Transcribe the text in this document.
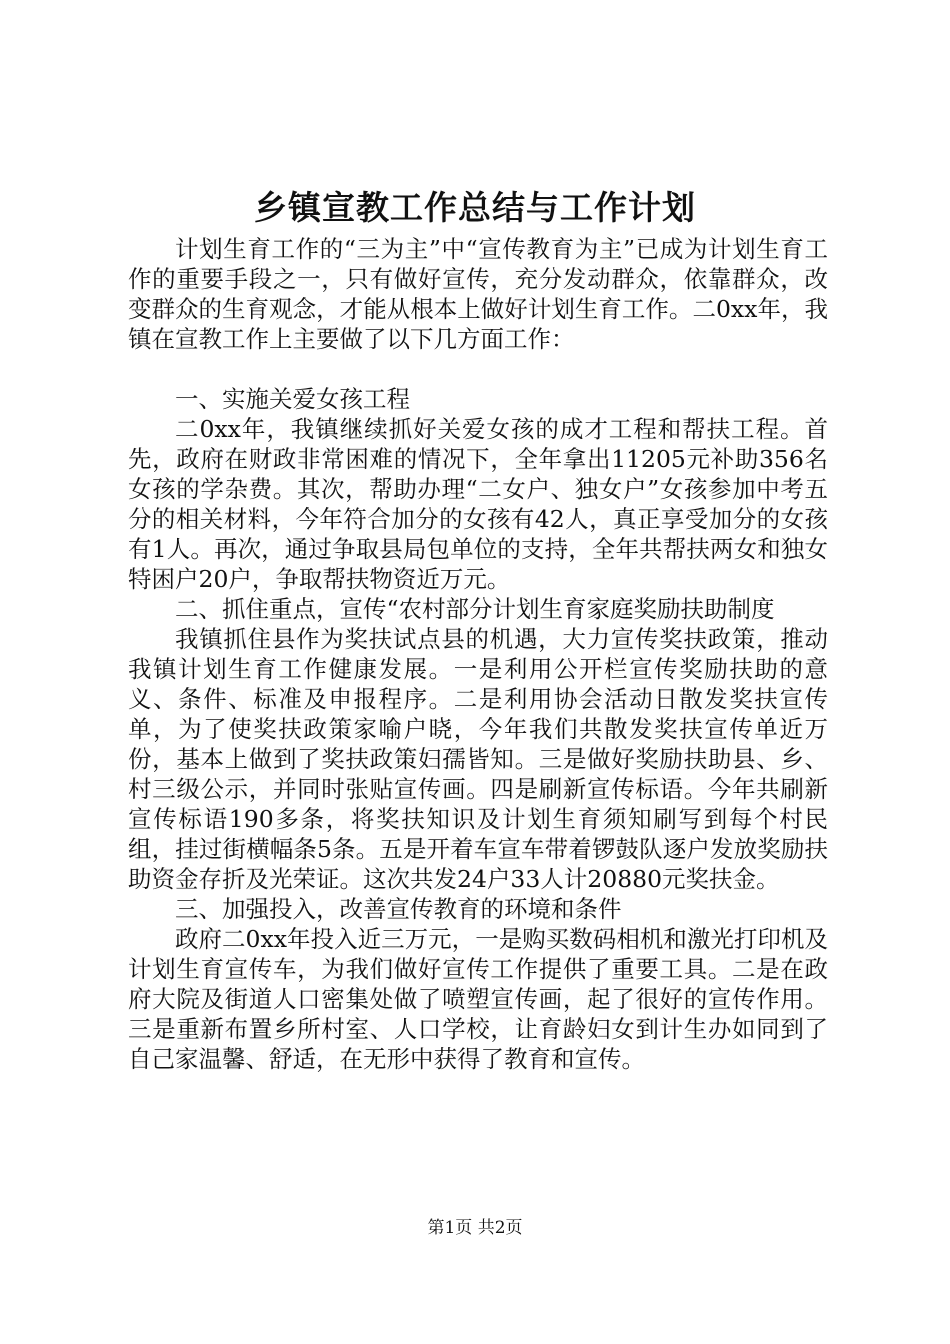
乡镇宣教工作总结与工作计划

计划生育工作的“三为主”中“宣传教育为主”已成为计划生育工作的重要手段之一，只有做好宣传，充分发动群众，依靠群众，改变群众的生育观念，才能从根本上做好计划生育工作。二0xx年，我镇在宣教工作上主要做了以下几方面工作：

一、实施关爱女孩工程

二0xx年，我镇继续抓好关爱女孩的成才工程和帮扶工程。首先，政府在财政非常困难的情况下，全年拿出11205元补助356名女孩的学杂费。其次，帮助办理“二女户、独女户”女孩参加中考五分的相关材料，今年符合加分的女孩有42人，真正享受加分的女孩有1人。再次，通过争取县局包单位的支持，全年共帮扶两女和独女特困户20户，争取帮扶物资近万元。

二、抓住重点，宣传“农村部分计划生育家庭奖励扶助制度

我镇抓住县作为奖扶试点县的机遇，大力宣传奖扶政策，推动我镇计划生育工作健康发展。一是利用公开栏宣传奖励扶助的意义、条件、标准及申报程序。二是利用协会活动日散发奖扶宣传单，为了使奖扶政策家喻户晓，今年我们共散发奖扶宣传单近万份，基本上做到了奖扶政策妇孺皆知。三是做好奖励扶助县、乡、村三级公示，并同时张贴宣传画。四是刷新宣传标语。今年共刷新宣传标语190多条，将奖扶知识及计划生育须知刷写到每个村民组，挂过街横幅条5条。五是开着车宣车带着锣鼓队逐户发放奖励扶助资金存折及光荣证。这次共发24户33人计20880元奖扶金。

三、加强投入，改善宣传教育的环境和条件

政府二0xx年投入近三万元，一是购买数码相机和激光打印机及计划生育宣传车，为我们做好宣传工作提供了重要工具。二是在政府大院及街道人口密集处做了喷塑宣传画，起了很好的宣传作用。三是重新布置乡所村室、人口学校，让育龄妇女到计生办如同到了自己家温馨、舒适，在无形中获得了教育和宣传。

第1页 共2页
